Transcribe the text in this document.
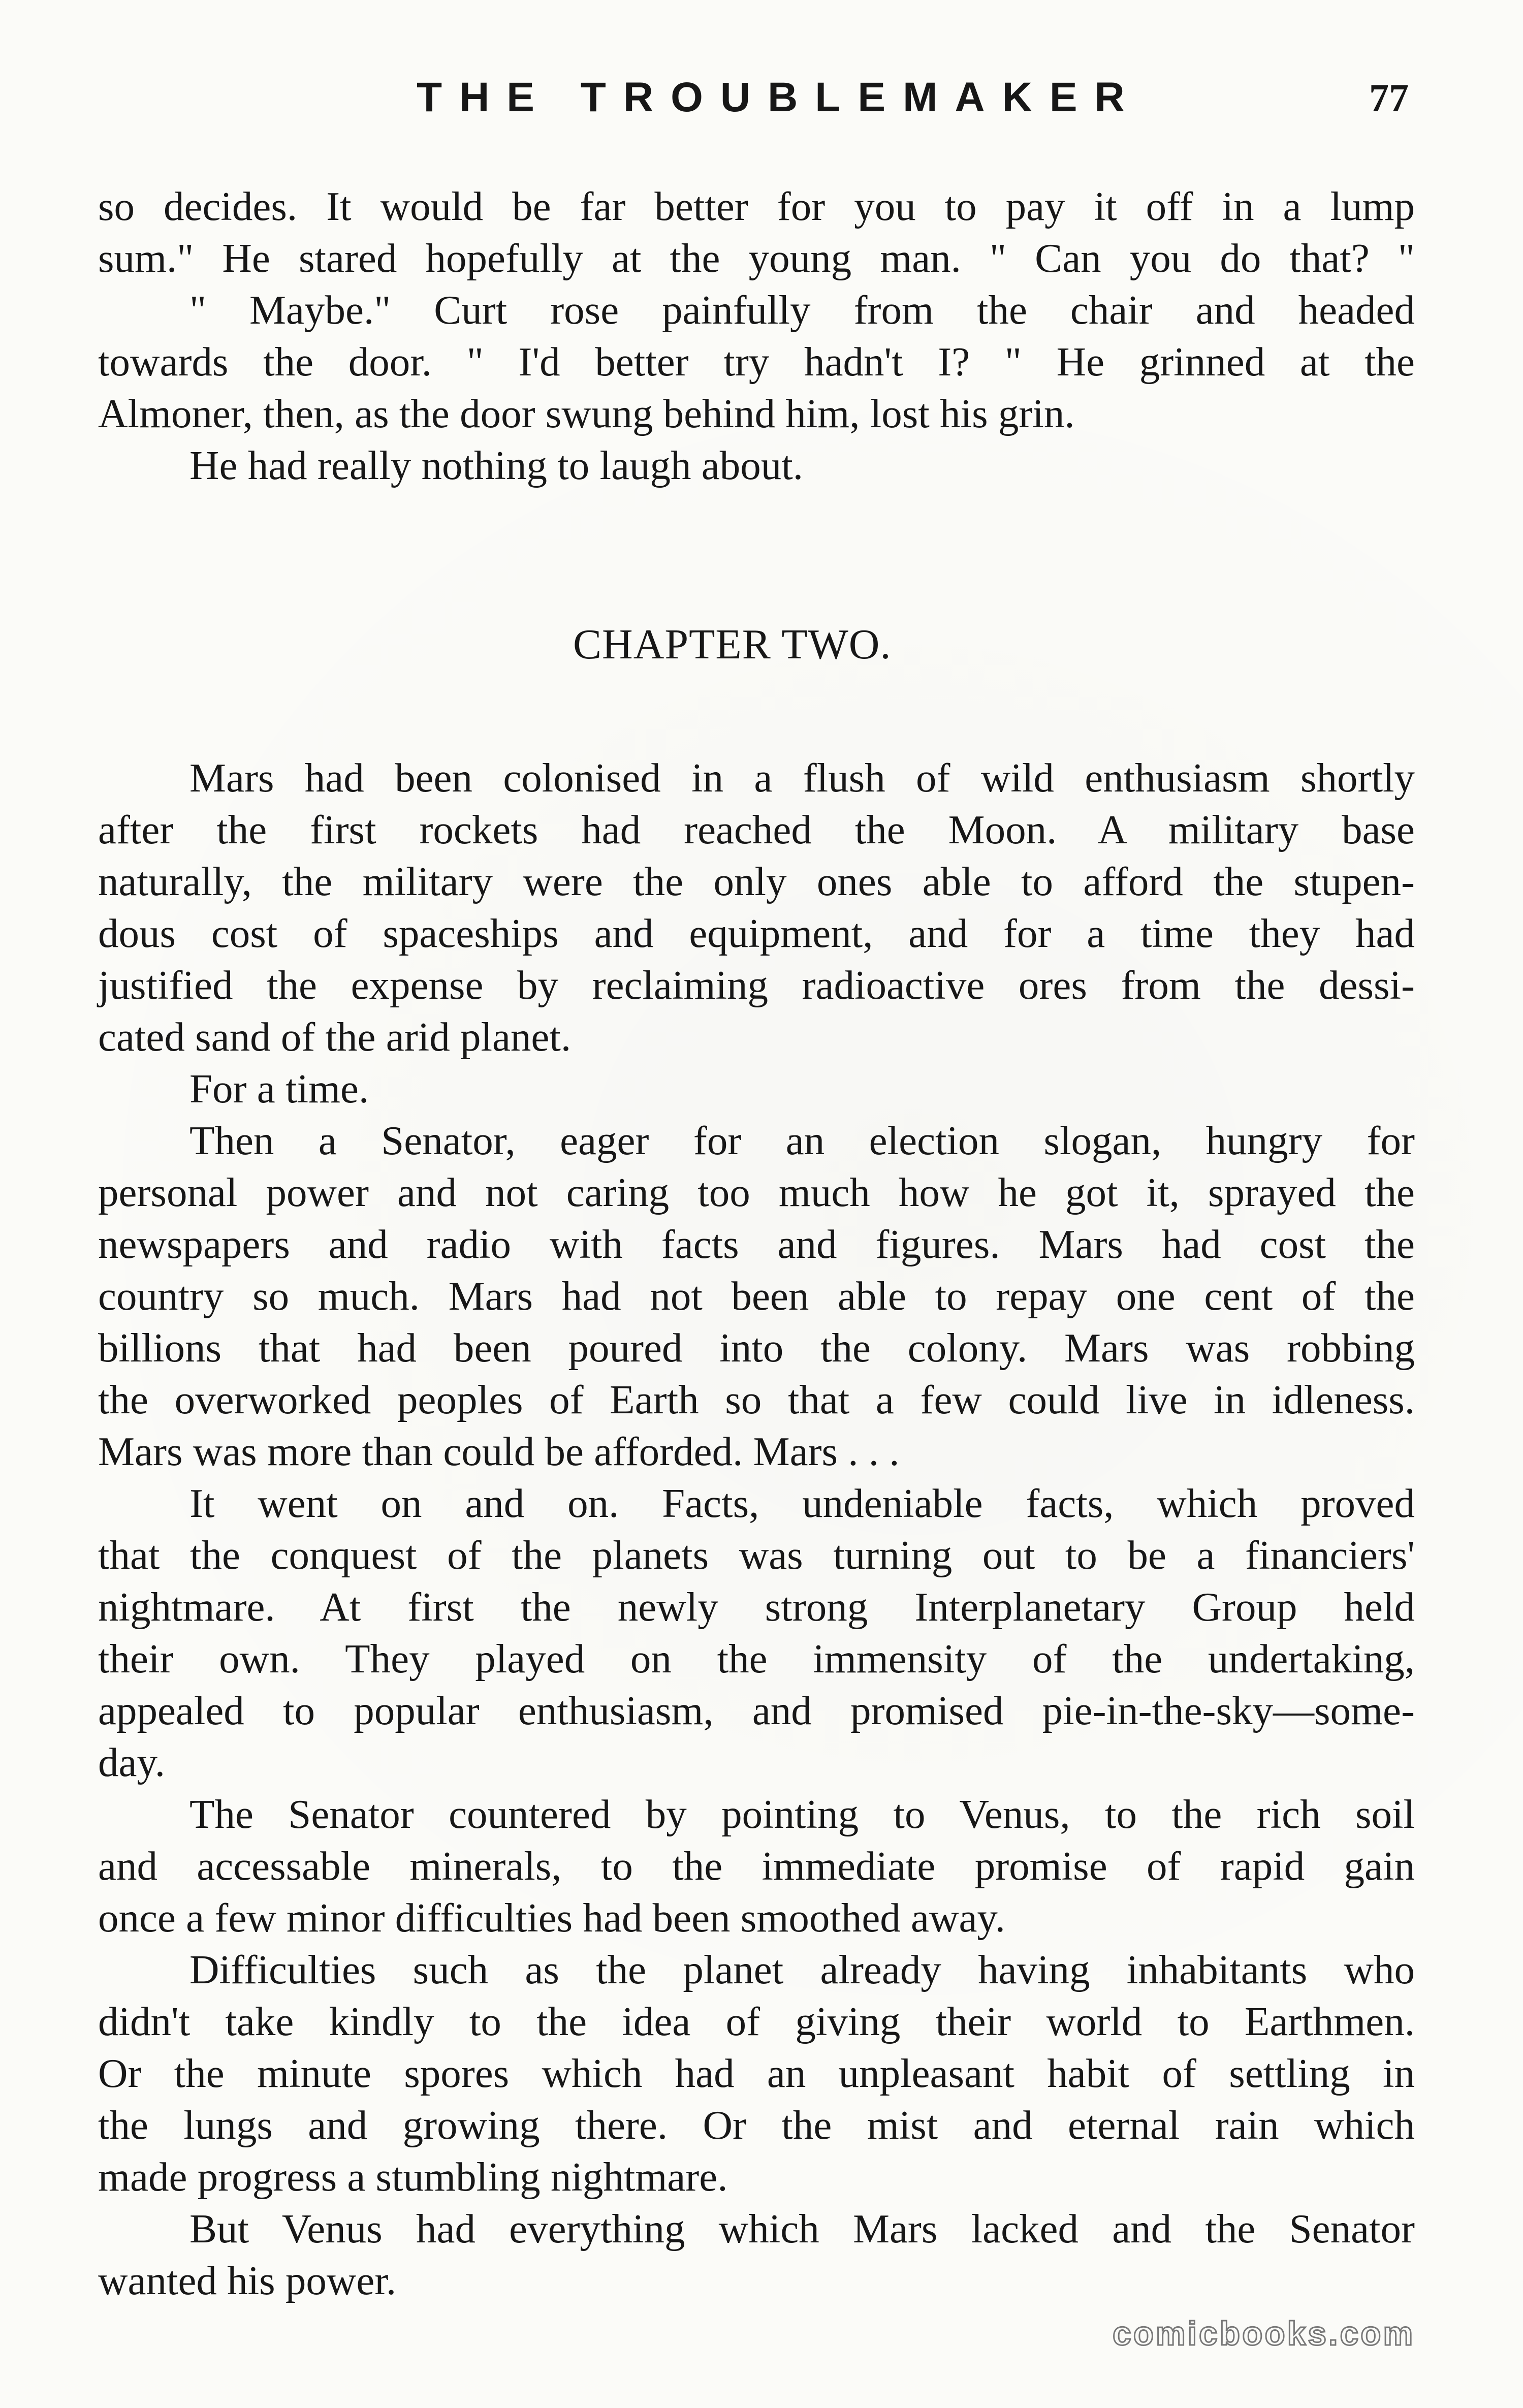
THE TROUBLEMAKER	77
so decides. It would be far better for you to pay it off in a lump
sum." He stared hopefully at the young man. " Can you do that? "
" Maybe." Curt rose painfully from the chair and headed
towards the door. " I'd better try hadn't I? " He grinned at the
Almoner, then, as the door swung behind him, lost his grin.
He had really nothing to laugh about.
CHAPTER TWO.
Mars had been colonised in a flush of wild enthusiasm shortly
after the first rockets had reached the Moon. A military base
naturally, the military were the only ones able to afford the stupen-
dous cost of spaceships and equipment, and for a time they had
justified the expense by reclaiming radioactive ores from the dessi-
cated sand of the arid planet.
For a time.
Then a Senator, eager for an election slogan, hungry for
personal power and not caring too much how he got it, sprayed the
newspapers and radio with facts and figures. Mars had cost the
country so much. Mars had not been able to repay one cent of the
billions that had been poured into the colony. Mars was robbing
the overworked peoples of Earth so that a few could live in idleness.
Mars was more than could be afforded. Mars . . .
It went on and on. Facts, undeniable facts, which proved
that the conquest of the planets was turning out to be a financiers'
nightmare. At first the newly strong Interplanetary Group held
their own. They played on the immensity of the undertaking,
appealed to popular enthusiasm, and promised pie-in-the-sky—some-
day.
The Senator countered by pointing to Venus, to the rich soil
and accessable minerals, to the immediate promise of rapid gain
once a few minor difficulties had been smoothed away.
Difficulties such as the planet already having inhabitants who
didn't take kindly to the idea of giving their world to Earthmen.
Or the minute spores which had an unpleasant habit of settling in
the lungs and growing there. Or the mist and eternal rain which
made progress a stumbling nightmare.
But Venus had everything which Mars lacked and the Senator
wanted his power.
comicbooks.com
